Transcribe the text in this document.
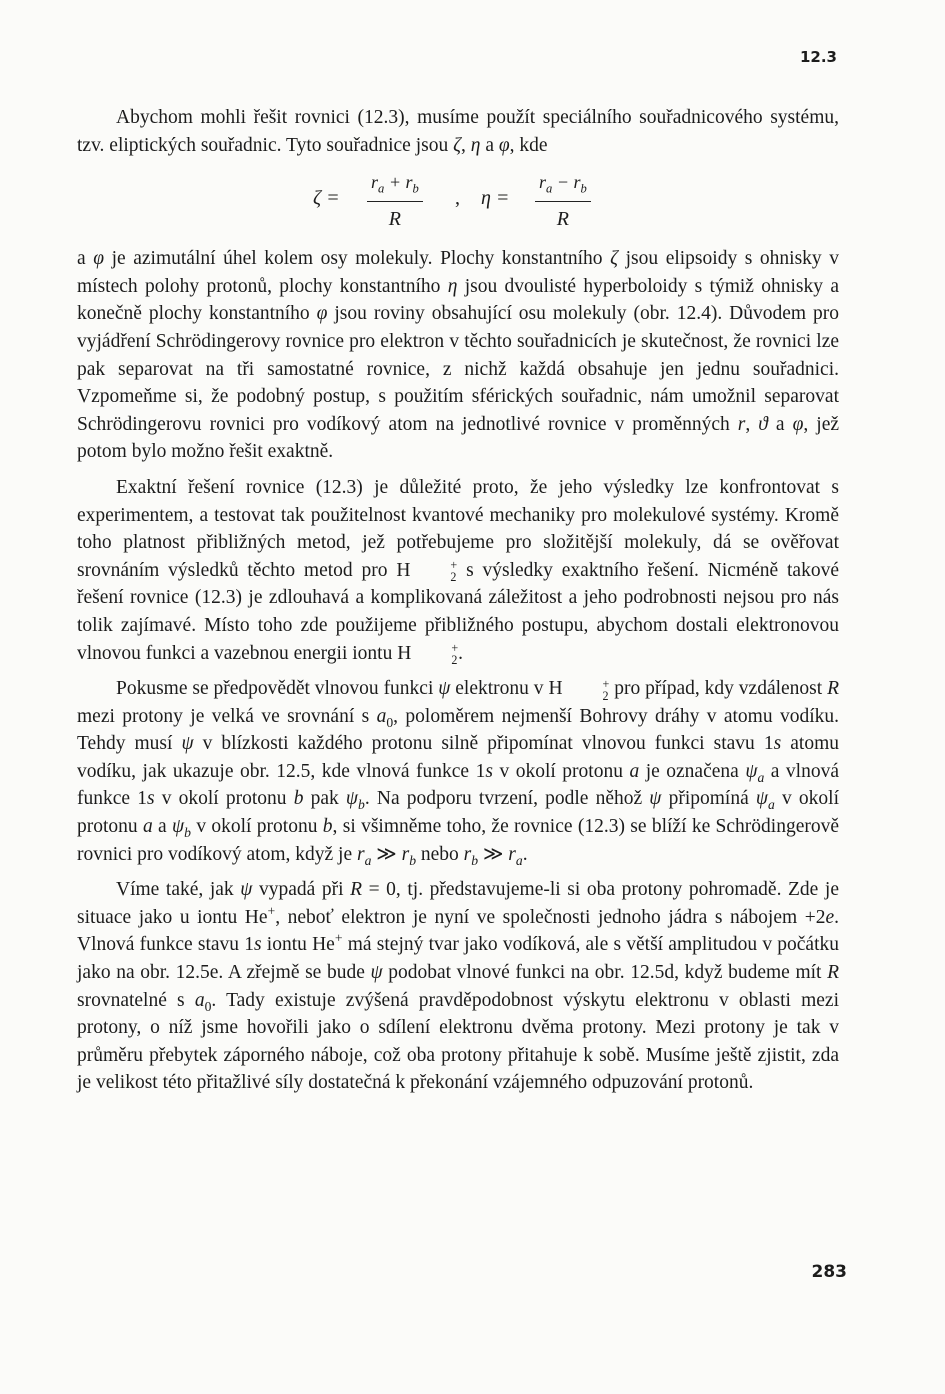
12.3

Abychom mohli řešit rovnici (12.3), musíme použít speciálního souřadnicového systému, tzv. eliptických souřadnic. Tyto souřadnice jsou ζ, η a φ, kde

$\zeta = \frac{r_a + r_b}{R}$ , $\eta = \frac{r_a - r_b}{R}$

a φ je azimutální úhel kolem osy molekuly. Plochy konstantního ζ jsou elipsoidy s ohnisky v místech polohy protonů, plochy konstantního η jsou dvoulisté hyperboloidy s týmiž ohnisky a konečně plochy konstantního φ jsou roviny obsahující osu molekuly (obr. 12.4). Důvodem pro vyjádření Schrödingerovy rovnice pro elektron v těchto souřadnicích je skutečnost, že rovnici lze pak separovat na tři samostatné rovnice, z nichž každá obsahuje jen jednu souřadnici. Vzpomeňme si, že podobný postup, s použitím sférických souřadnic, nám umožnil separovat Schrödingerovu rovnici pro vodíkový atom na jednotlivé rovnice v proměnných r, ϑ a φ, jež potom bylo možno řešit exaktně.

Exaktní řešení rovnice (12.3) je důležité proto, že jeho výsledky lze konfrontovat s experimentem, a testovat tak použitelnost kvantové mechaniky pro molekulové systémy. Kromě toho platnost přibližných metod, jež potřebujeme pro složitější molekuly, dá se ověřovat srovnáním výsledků těchto metod pro H	+
2 s výsledky exaktního řešení. Nicméně takové řešení rovnice (12.3) je zdlouhavá a komplikovaná záležitost a jeho podrobnosti nejsou pro nás tolik zajímavé. Místo toho zde použijeme přibližného postupu, abychom dostali elektronovou vlnovou funkci a vazebnou energii iontu H	+
2 .

Pokusme se předpovědět vlnovou funkci ψ elektronu v H	+
2 pro případ, kdy vzdálenost R mezi protony je velká ve srovnání s $a_0$, poloměrem nejmenší Bohrovy dráhy v atomu vodíku. Tehdy musí ψ v blízkosti každého protonu silně připomínat vlnovou funkci stavu 1s atomu vodíku, jak ukazuje obr. 12.5, kde vlnová funkce 1s v okolí protonu a je označena $\psi_a$ a vlnová funkce 1s v okolí protonu b pak $\psi_b$. Na podporu tvrzení, podle něhož ψ připomíná $\psi_a$ v okolí protonu a a $\psi_b$ v okolí protonu b, si všimněme toho, že rovnice (12.3) se blíží ke Schrödingerově rovnici pro vodíkový atom, když je $r_a$ ≫ $r_b$ nebo $r_b$ ≫ $r_a$.

Víme také, jak ψ vypadá při R = 0, tj. představujeme-li si oba protony pohromadě. Zde je situace jako u iontu He+, neboť elektron je nyní ve společnosti jednoho jádra s nábojem +2e. Vlnová funkce stavu 1s iontu He+ má stejný tvar jako vodíková, ale s větší amplitudou v počátku jako na obr. 12.5e. A zřejmě se bude ψ podobat vlnové funkci na obr. 12.5d, když budeme mít R srovnatelné s $a_0$. Tady existuje zvýšená pravděpodobnost výskytu elektronu v oblasti mezi protony, o níž jsme hovořili jako o sdílení elektronu dvěma protony. Mezi protony je tak v průměru přebytek záporného náboje, což oba protony přitahuje k sobě. Musíme ještě zjistit, zda je velikost této přitažlivé síly dostatečná k překonání vzájemného odpuzování protonů.

283
